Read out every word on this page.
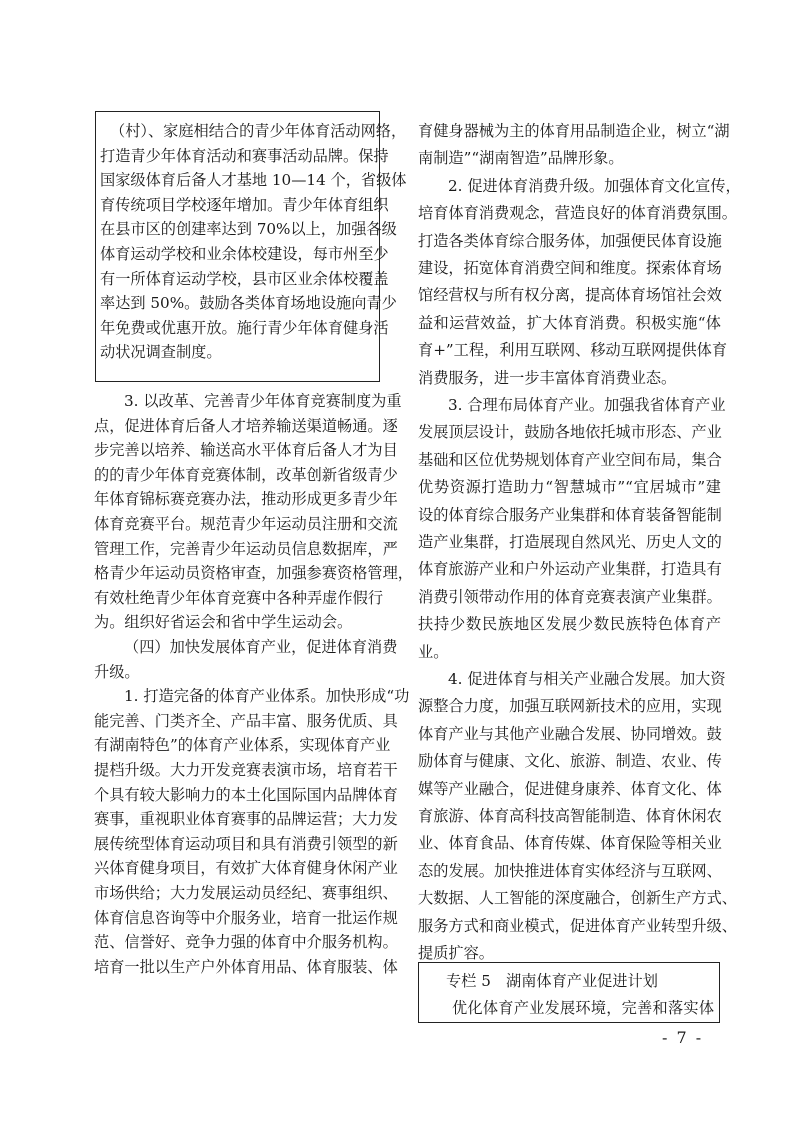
（村）、家庭相结合的青少年体育活动网络，
打造青少年体育活动和赛事活动品牌。保持
国家级体育后备人才基地 10—14 个，省级体
育传统项目学校逐年增加。青少年体育组织
在县市区的创建率达到 70%以上，加强各级
体育运动学校和业余体校建设，每市州至少
有一所体育运动学校，县市区业余体校覆盖
率达到 50%。鼓励各类体育场地设施向青少
年免费或优惠开放。施行青少年体育健身活
动状况调查制度。
3. 以改革、完善青少年体育竞赛制度为重
点，促进体育后备人才培养输送渠道畅通。逐
步完善以培养、输送高水平体育后备人才为目
的的青少年体育竞赛体制，改革创新省级青少
年体育锦标赛竞赛办法，推动形成更多青少年
体育竞赛平台。规范青少年运动员注册和交流
管理工作，完善青少年运动员信息数据库，严
格青少年运动员资格审查，加强参赛资格管理，
有效杜绝青少年体育竞赛中各种弄虚作假行
为。组织好省运会和省中学生运动会。
（四）加快发展体育产业，促进体育消费
升级。
1. 打造完备的体育产业体系。加快形成“功
能完善、门类齐全、产品丰富、服务优质、具
有湖南特色”的体育产业体系，实现体育产业
提档升级。大力开发竞赛表演市场，培育若干
个具有较大影响力的本土化国际国内品牌体育
赛事，重视职业体育赛事的品牌运营；大力发
展传统型体育运动项目和具有消费引领型的新
兴体育健身项目，有效扩大体育健身休闲产业
市场供给；大力发展运动员经纪、赛事组织、
体育信息咨询等中介服务业，培育一批运作规
范、信誉好、竞争力强的体育中介服务机构。
培育一批以生产户外体育用品、体育服装、体
育健身器械为主的体育用品制造企业，树立“湖
南制造”“湖南智造”品牌形象。
2. 促进体育消费升级。加强体育文化宣传，
培育体育消费观念，营造良好的体育消费氛围。
打造各类体育综合服务体，加强便民体育设施
建设，拓宽体育消费空间和维度。探索体育场
馆经营权与所有权分离，提高体育场馆社会效
益和运营效益，扩大体育消费。积极实施“体
育+”工程，利用互联网、移动互联网提供体育
消费服务，进一步丰富体育消费业态。
3. 合理布局体育产业。加强我省体育产业
发展顶层设计，鼓励各地依托城市形态、产业
基础和区位优势规划体育产业空间布局，集合
优势资源打造助力“智慧城市”“宜居城市”建
设的体育综合服务产业集群和体育装备智能制
造产业集群，打造展现自然风光、历史人文的
体育旅游产业和户外运动产业集群，打造具有
消费引领带动作用的体育竞赛表演产业集群。
扶持少数民族地区发展少数民族特色体育产
业。
4. 促进体育与相关产业融合发展。加大资
源整合力度，加强互联网新技术的应用，实现
体育产业与其他产业融合发展、协同增效。鼓
励体育与健康、文化、旅游、制造、农业、传
媒等产业融合，促进健身康养、体育文化、体
育旅游、体育高科技高智能制造、体育休闲农
业、体育食品、体育传媒、体育保险等相关业
态的发展。加快推进体育实体经济与互联网、
大数据、人工智能的深度融合，创新生产方式、
服务方式和商业模式，促进体育产业转型升级、
提质扩容。
专栏 5　湖南体育产业促进计划
优化体育产业发展环境，完善和落实体
- 7 -
